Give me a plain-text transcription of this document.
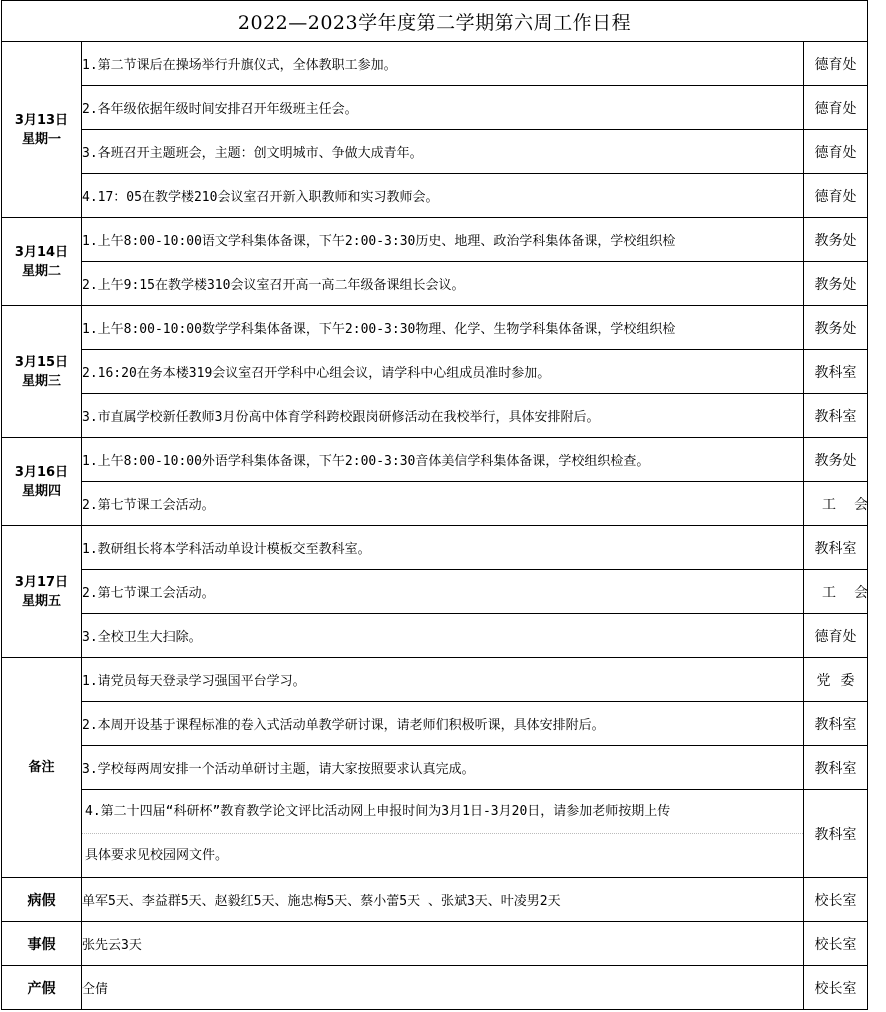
2022—2023学年度第二学期第六周工作日程		

3月13日
星期一	1.第二节课后在操场举行升旗仪式，全体教职工参加。	德育处
	2.各年级依据年级时间安排召开年级班主任会。	德育处
	3.各班召开主题班会，主题：创文明城市、争做大成青年。	德育处
	4.17：05在教学楼210会议室召开新入职教师和实习教师会。	德育处

3月14日
星期二	1.上午8:00-10:00语文学科集体备课，下午2:00-3:30历史、地理、政治学科集体备课，学校组织检	教务处
	2.上午9:15在教学楼310会议室召开高一高二年级备课组长会议。	教务处

3月15日
星期三	1.上午8:00-10:00数学学科集体备课，下午2:00-3:30物理、化学、生物学科集体备课，学校组织检	教务处
	2.16:20在务本楼319会议室召开学科中心组会议，请学科中心组成员准时参加。	教科室
	3.市直属学校新任教师3月份高中体育学科跨校跟岗研修活动在我校举行，具体安排附后。	教科室

3月16日
星期四	1.上午8:00-10:00外语学科集体备课，下午2:00-3:30音体美信学科集体备课，学校组织检查。	教务处
	2.第七节课工会活动。	工会

3月17日
星期五	1.教研组长将本学科活动单设计模板交至教科室。	教科室
	2.第七节课工会活动。	工会
	3.全校卫生大扫除。	德育处
备注	1.请党员每天登录学习强国平台学习。	党委
	2.本周开设基于课程标准的卷入式活动单教学研讨课，请老师们积极听课，具体安排附后。	教科室
	3.学校每两周安排一个活动单研讨主题，请大家按照要求认真完成。	教科室

	4.第二十四届“科研杯”教育教学论文评比活动网上申报时间为3月1日-3月20日，请参加老师按期上传
具体要求见校园网文件。	教科室
病假	单军5天、李益群5天、赵毅红5天、施忠梅5天、蔡小蕾5天 、张斌3天、叶凌男2天	校长室
事假	张先云3天	校长室
产假	仝倩	校长室
